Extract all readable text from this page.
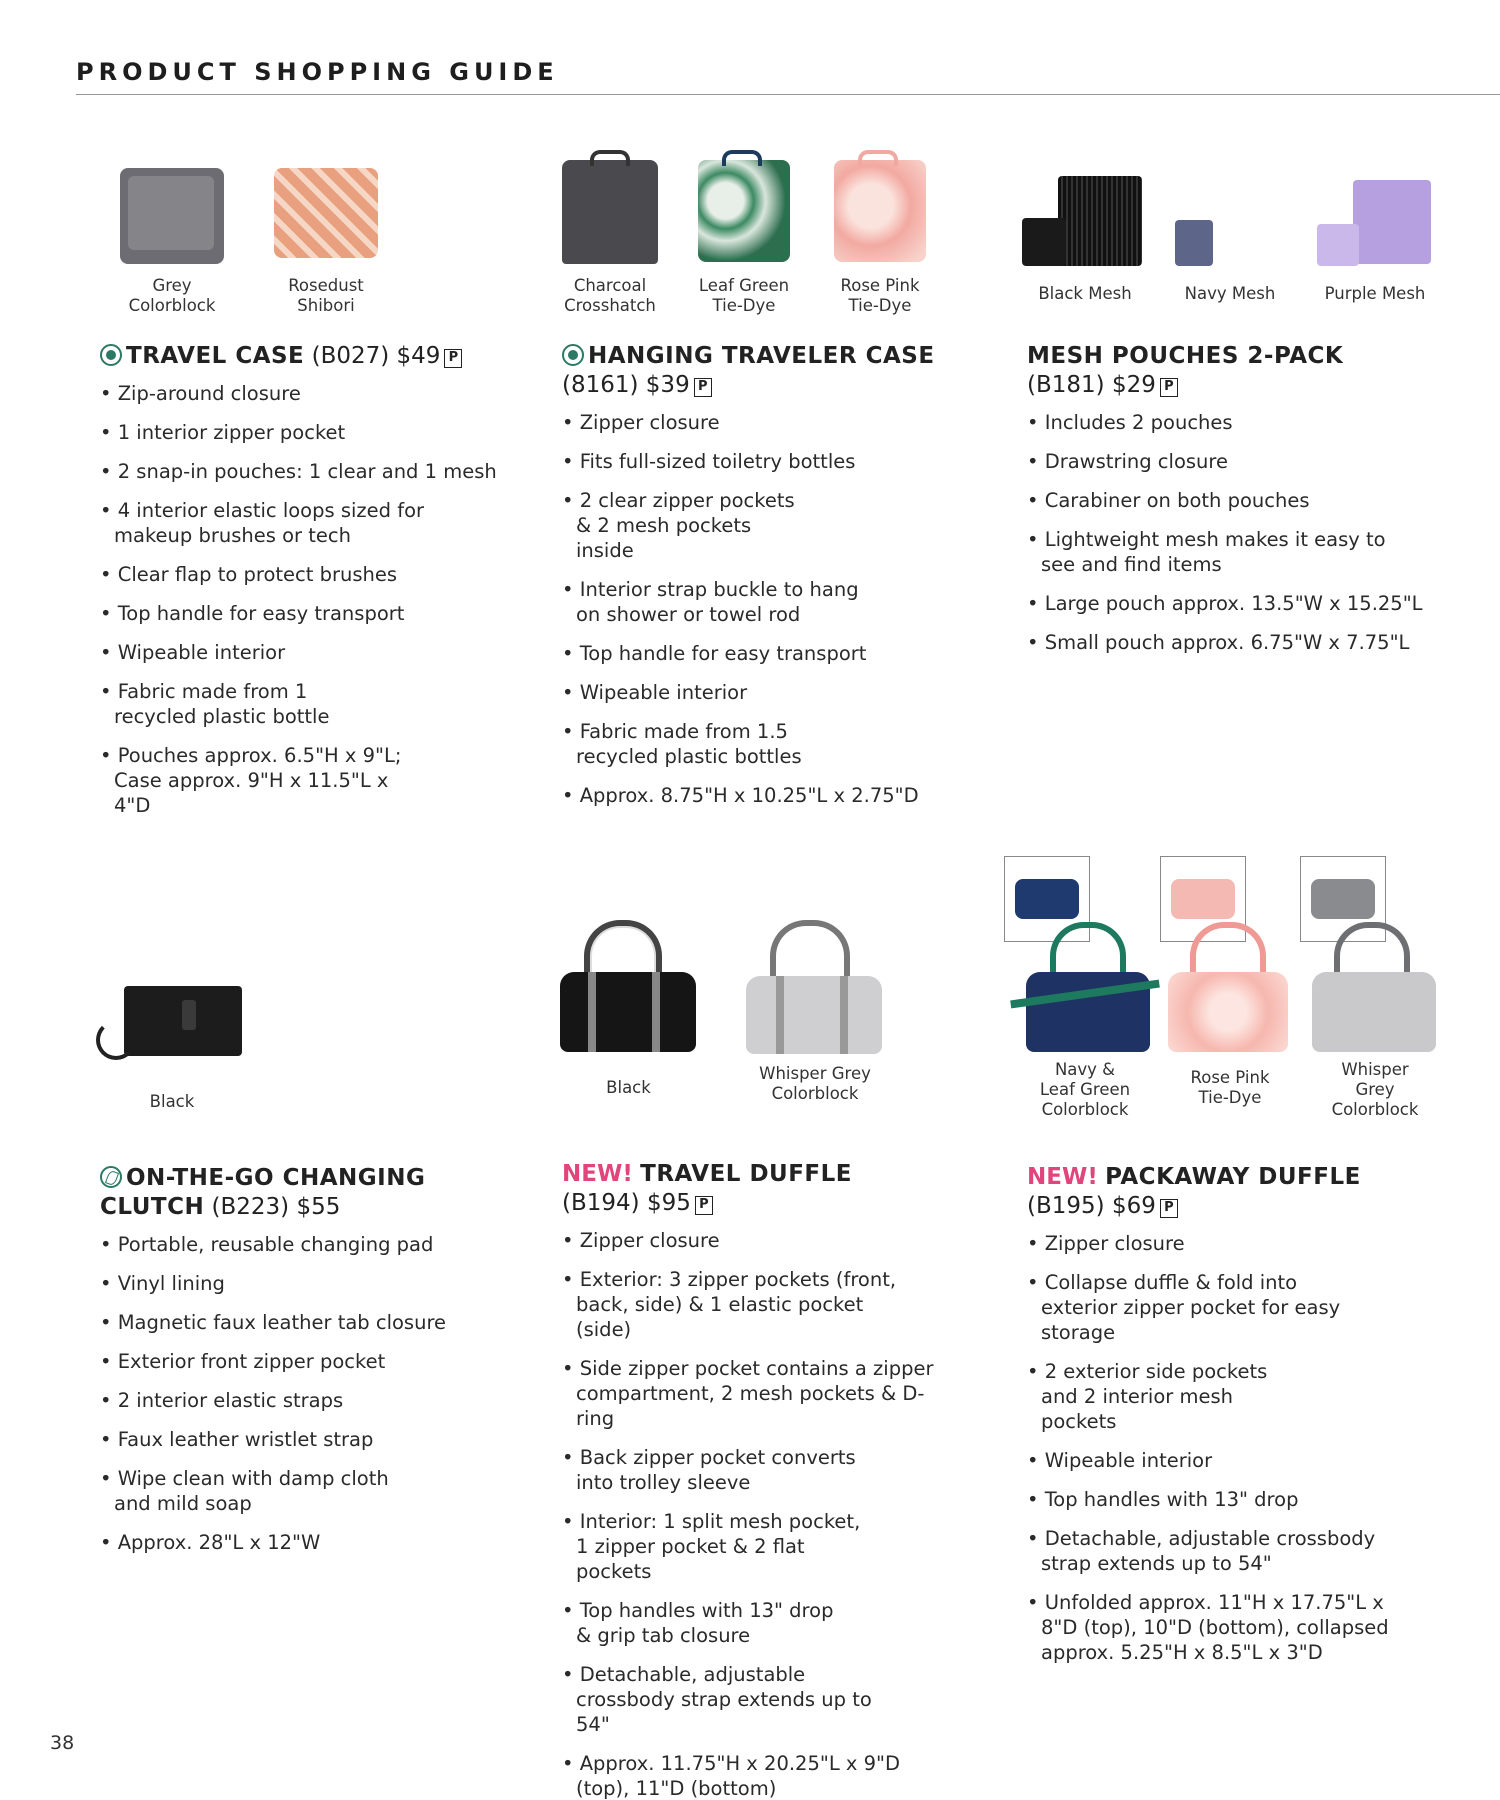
PRODUCT SHOPPING GUIDE
Grey
Colorblock
Rosedust
Shibori
TRAVEL CASE (B027) $49 P
• Zip-around closure
• 1 interior zipper pocket
• 2 snap-in pouches: 1 clear and 1 mesh
• 4 interior elastic loops sized for makeup brushes or tech
• Clear flap to protect brushes
• Top handle for easy transport
• Wipeable interior
• Fabric made from 1 recycled plastic bottle
• Pouches approx. 6.5"H x 9"L; Case approx. 9"H x 11.5"L x 4"D
Charcoal
Crosshatch
Leaf Green
Tie-Dye
Rose Pink
Tie-Dye
HANGING TRAVELER CASE
(8161) $39 P
• Zipper closure
• Fits full-sized toiletry bottles
• 2 clear zipper pockets & 2 mesh pockets inside
• Interior strap buckle to hang on shower or towel rod
• Top handle for easy transport
• Wipeable interior
• Fabric made from 1.5 recycled plastic bottles
• Approx. 8.75"H x 10.25"L x 2.75"D
Black Mesh	Navy Mesh	Purple Mesh
MESH POUCHES 2-PACK
(B181) $29 P
• Includes 2 pouches
• Drawstring closure
• Carabiner on both pouches
• Lightweight mesh makes it easy to see and find items
• Large pouch approx. 13.5"W x 15.25"L
• Small pouch approx. 6.75"W x 7.75"L
Black
ON-THE-GO CHANGING
CLUTCH (B223) $55
• Portable, reusable changing pad
• Vinyl lining
• Magnetic faux leather tab closure
• Exterior front zipper pocket
• 2 interior elastic straps
• Faux leather wristlet strap
• Wipe clean with damp cloth and mild soap
• Approx. 28"L x 12"W
Black
Whisper Grey
Colorblock
NEW! TRAVEL DUFFLE
(B194) $95 P
• Zipper closure
• Exterior: 3 zipper pockets (front, back, side) & 1 elastic pocket (side)
• Side zipper pocket contains a zipper compartment, 2 mesh pockets & D-ring
• Back zipper pocket converts into trolley sleeve
• Interior: 1 split mesh pocket, 1 zipper pocket & 2 flat pockets
• Top handles with 13" drop & grip tab closure
• Detachable, adjustable crossbody strap extends up to 54"
• Approx. 11.75"H x 20.25"L x 9"D (top), 11"D (bottom)
Navy &
Leaf Green
Colorblock
Rose Pink
Tie-Dye
Whisper
Grey
Colorblock
NEW! PACKAWAY DUFFLE
(B195) $69 P
• Zipper closure
• Collapse duffle & fold into exterior zipper pocket for easy storage
• 2 exterior side pockets and 2 interior mesh pockets
• Wipeable interior
• Top handles with 13" drop
• Detachable, adjustable crossbody strap extends up to 54"
• Unfolded approx. 11"H x 17.75"L x 8"D (top), 10"D (bottom), collapsed approx. 5.25"H x 8.5"L x 3"D
38
